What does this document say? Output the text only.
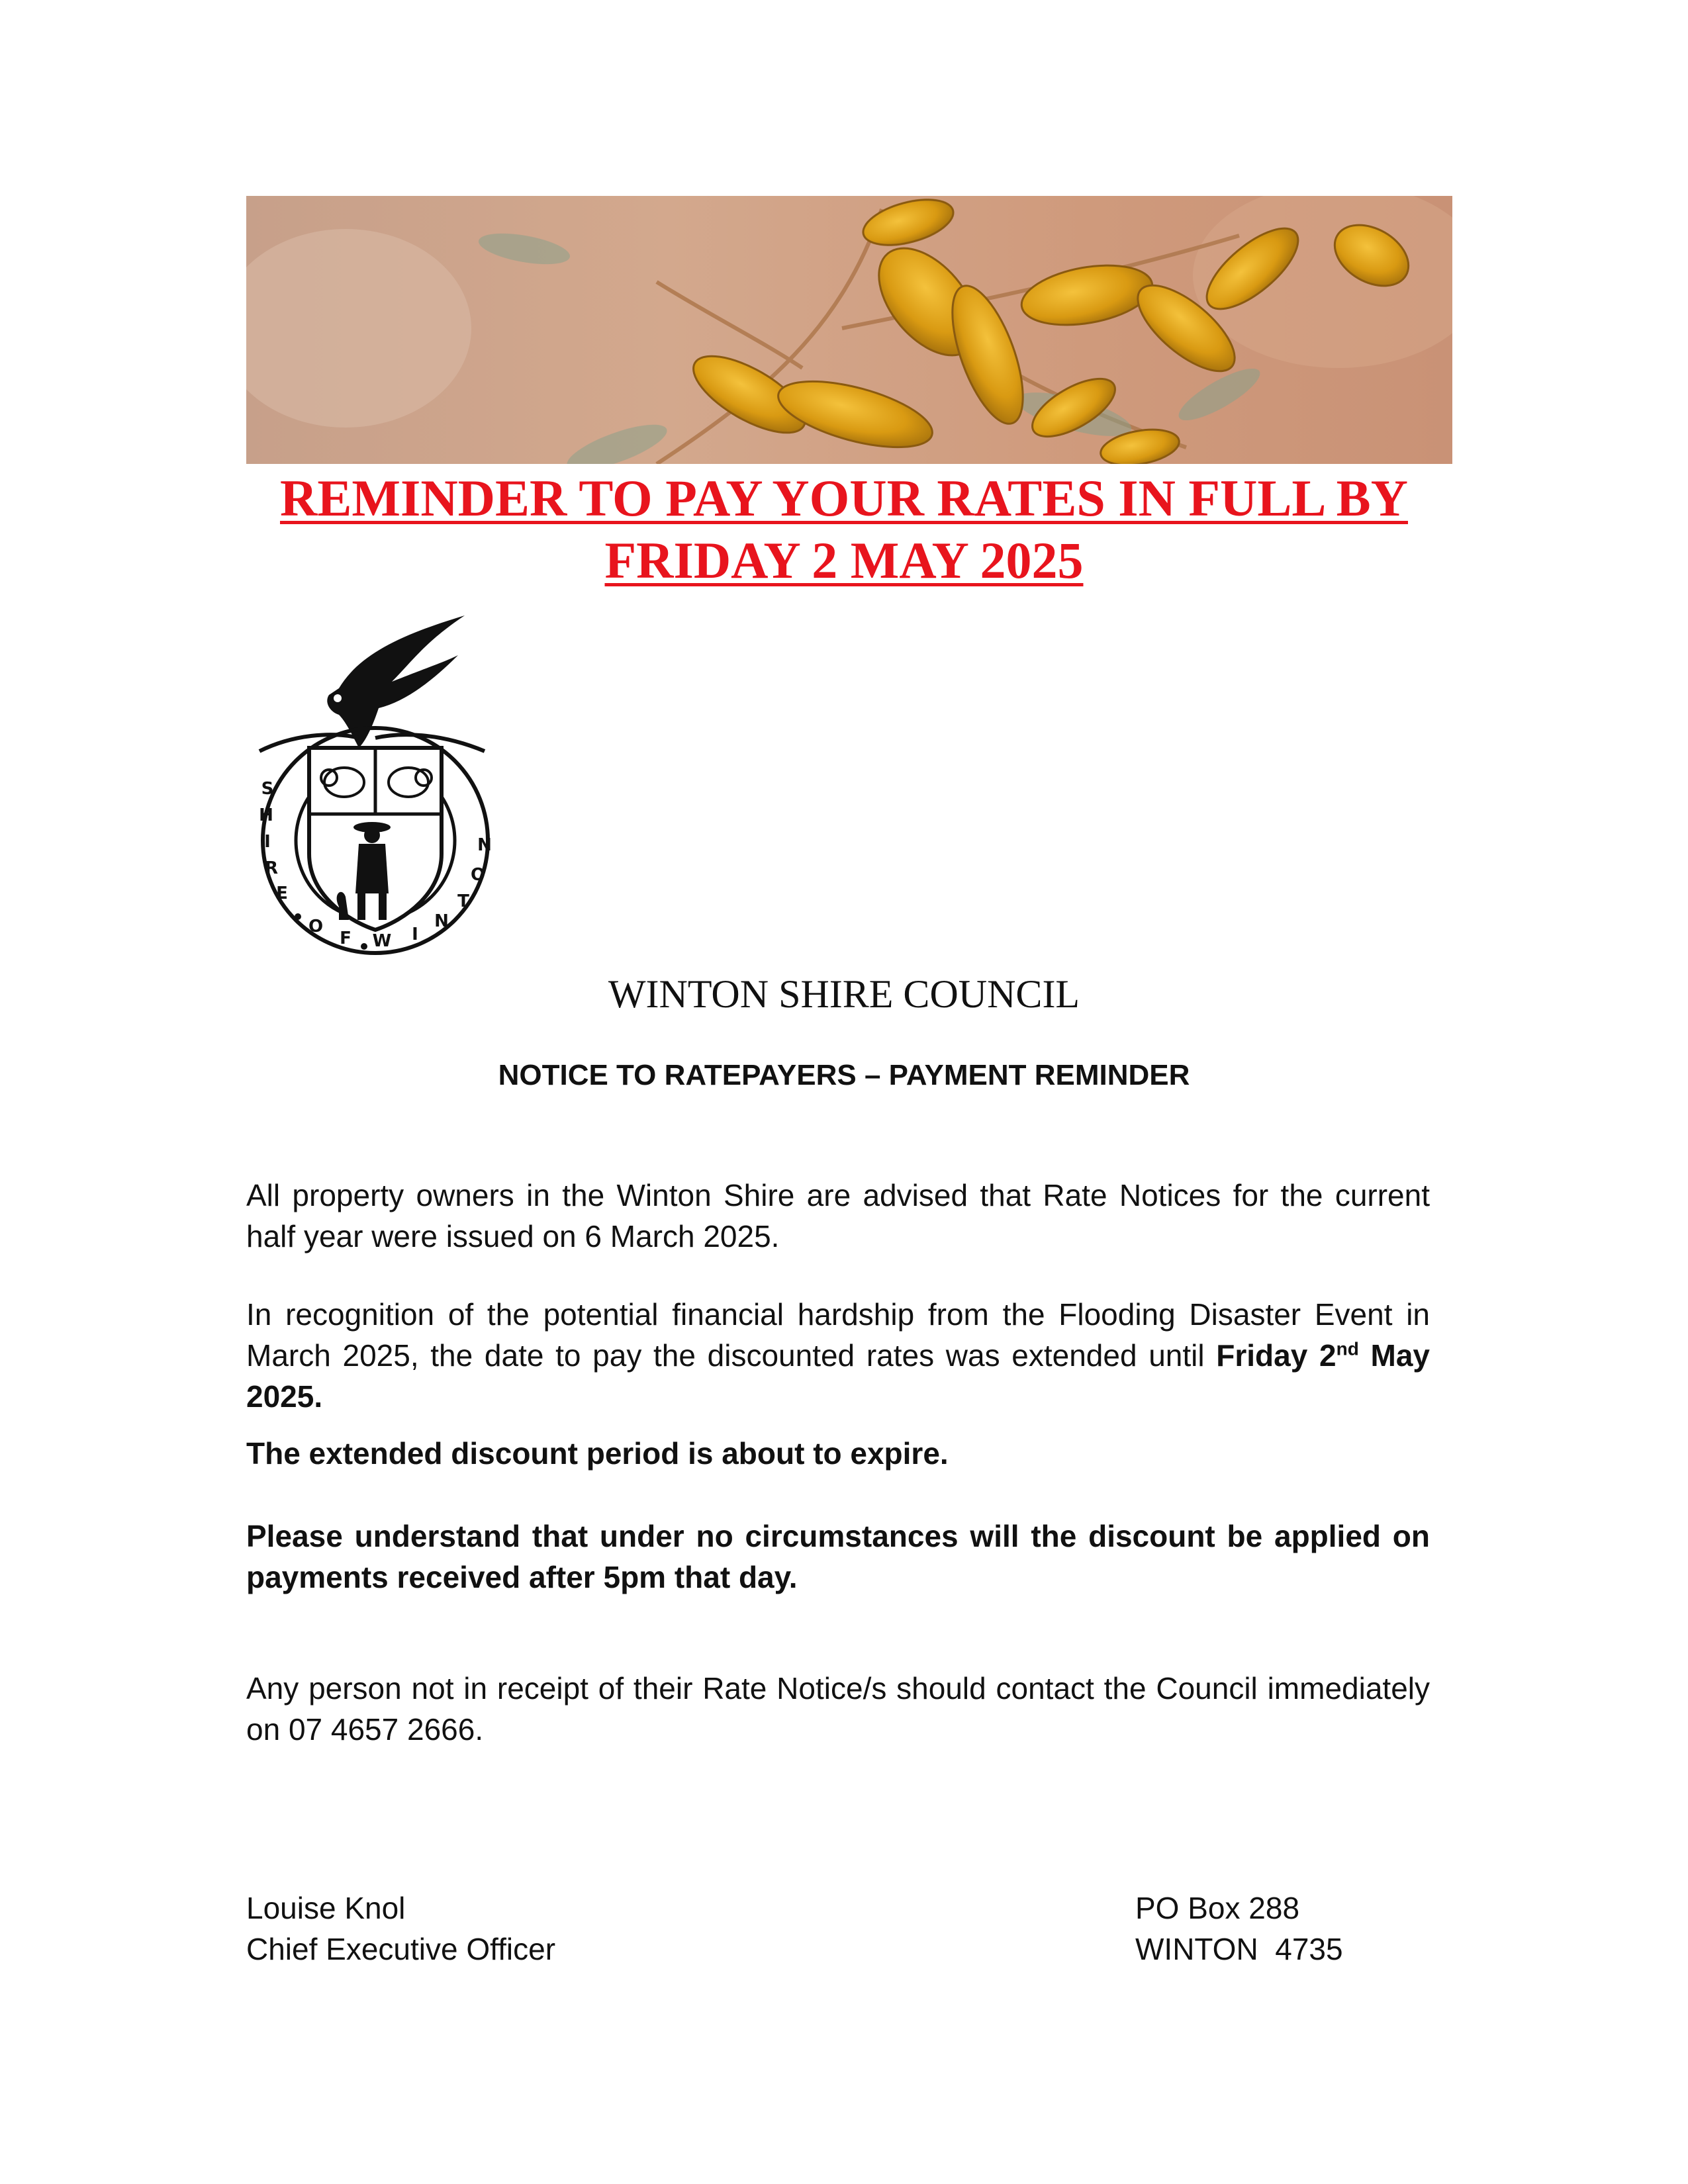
REMINDER TO PAY YOUR RATES IN FULL BY
FRIDAY 2 MAY 2025
S
H
I
R
E
O
F W I
N
T
O
N
WINTON SHIRE COUNCIL
NOTICE TO RATEPAYERS – PAYMENT REMINDER

All property owners in the Winton Shire are advised that Rate Notices for the current half year were issued on 6 March 2025.

In recognition of the potential financial hardship from the Flooding Disaster Event in March 2025, the date to pay the discounted rates was extended until Friday 2nd May 2025.

The extended discount period is about to expire.

Please understand that under no circumstances will the discount be applied on payments received after 5pm that day.

Any person not in receipt of their Rate Notice/s should contact the Council immediately on 07 4657 2666.

Louise Knol
Chief Executive Officer
PO Box 288
WINTON  4735
